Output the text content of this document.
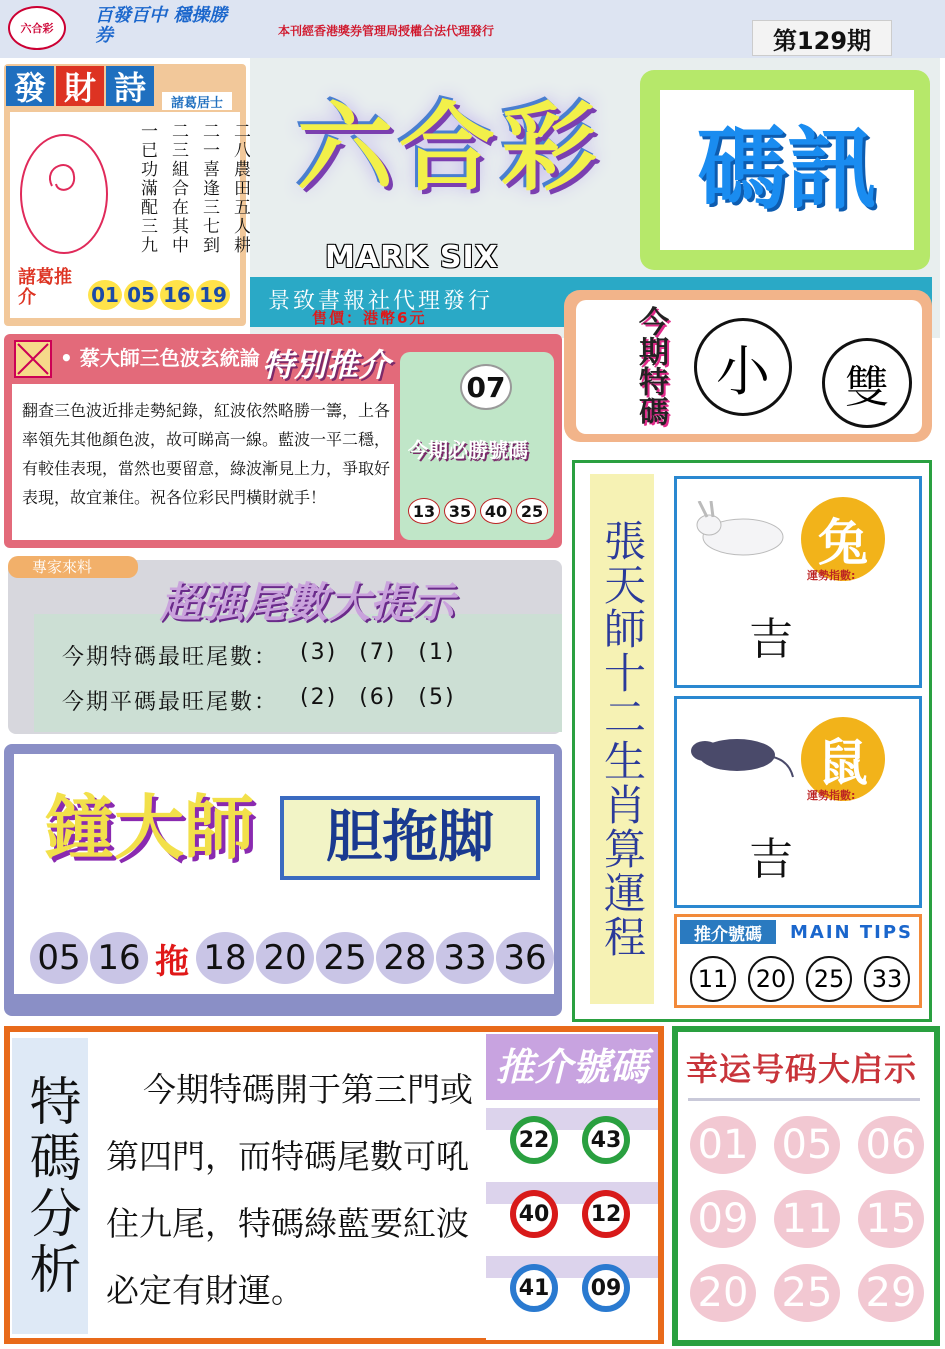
六合彩
百發百中 穩操勝券	本刊經香港獎券管理局授權合法代理發行	第129期
發 財 詩	諸葛居士
二八農田五人耕
二一喜逢三七到
二三組合在其中
一已功滿配三九
諸葛推介	01 05 16 19
六合彩	碼訊
MARK SIX
景致書報社代理發行
售價：港幣6元	今期特碼 小	雙
• 蔡大師三色波玄統論 特別推介
翻查三色波近排走勢紀錄，紅波依然略勝一籌，上各率領先其他顏色波，故可睇高一線。藍波一平二穩，有較佳表現，當然也要留意，綠波漸見上力，爭取好表現，故宜兼住。祝各位彩民門橫財就手！
07
今期必勝號碼
13 35 40 25
專家來料
超强尾數大提示
今期特碼最旺尾數： (3) (7) (1)
今期平碼最旺尾數： (2) (6) (5)
鐘大師	胆拖脚
05 16 拖 18 20 25 28 33 36 張天師十二生肖算運程	兔
運勢指數:
吉
鼠
運勢指數:
吉
推介號碼	MAIN TIPS
11	20	25	33
特碼分析	今期特碼開于第三門或第四門，而特碼尾數可吼住九尾，特碼綠藍要紅波必定有財運。
推介號碼
22	43
40	12
41	09
幸运号码大启示
01 05 06
09 11 15
20 25 29
